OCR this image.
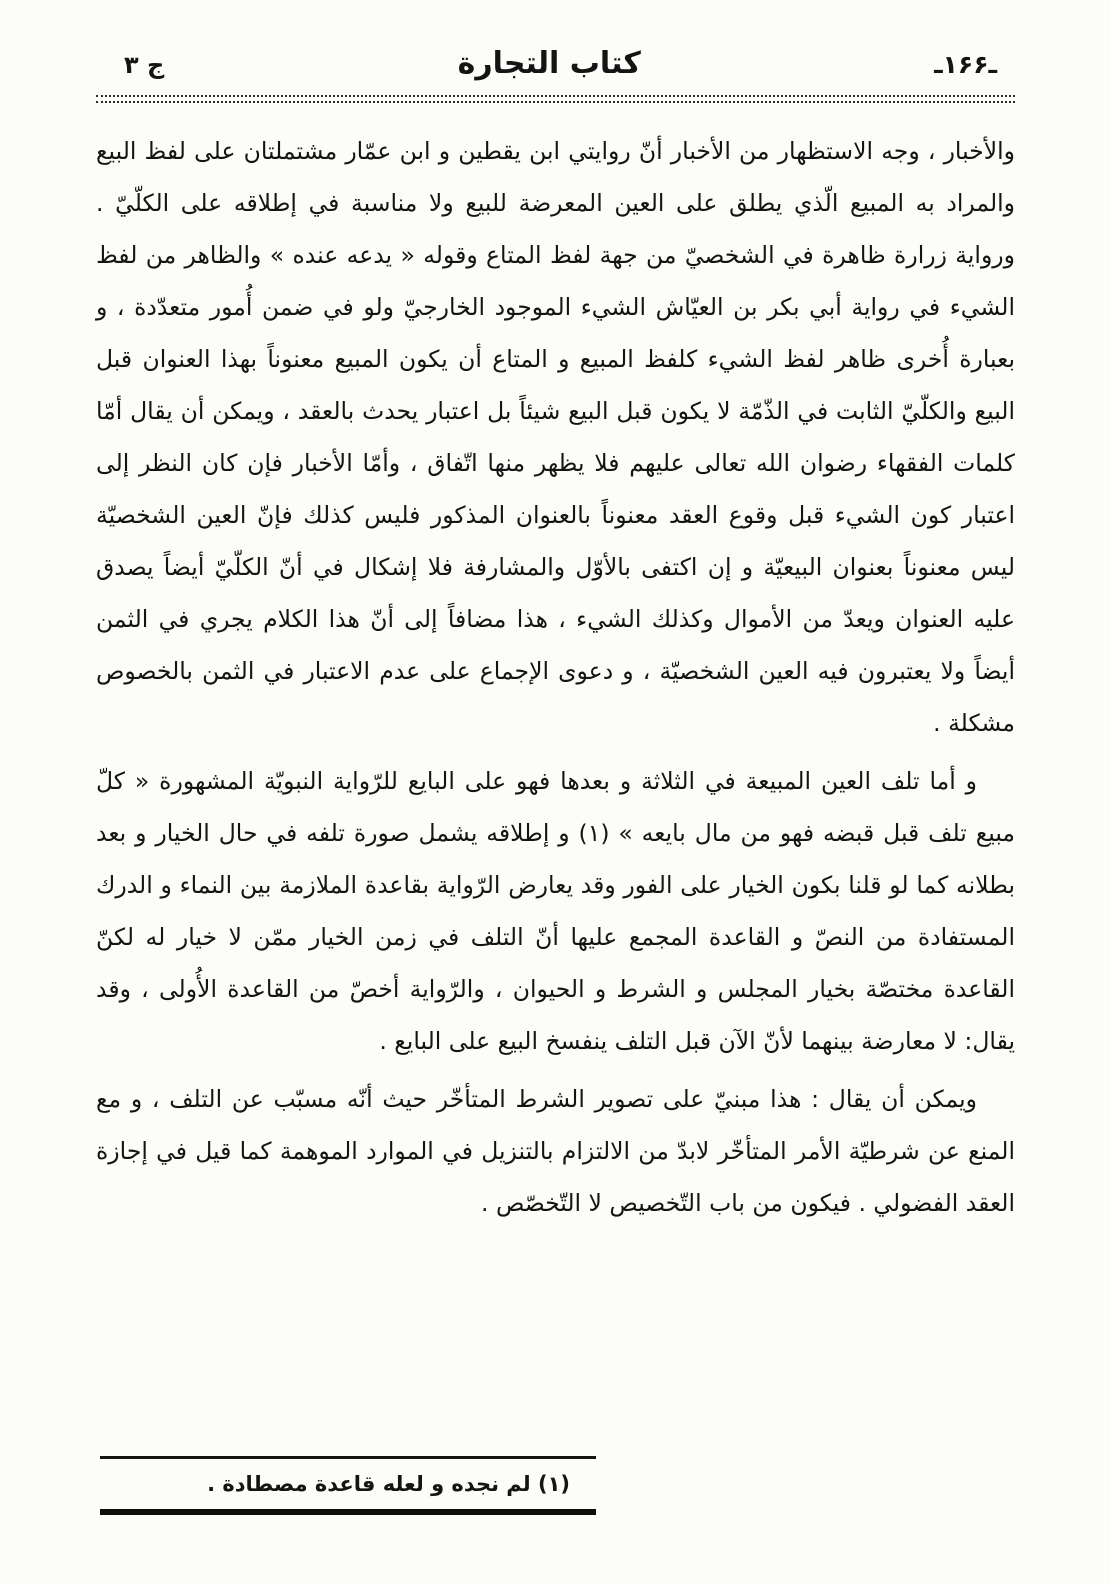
ـ١۶۶ـ
كتاب التجارة
ج ٣

والأخبار ، وجه الاستظهار من الأخبار أنّ روايتي ابن يقطين و ابن عمّار مشتملتان على لفظ البيع والمراد به المبيع الّذي يطلق على العين المعرضة للبيع ولا مناسبة في إطلاقه على الكلّيّ . ورواية زرارة ظاهرة في الشخصيّ من جهة لفظ المتاع وقوله « يدعه عنده » والظاهر من لفظ الشيء في رواية أبي بكر بن العيّاش الشيء الموجود الخارجيّ ولو في ضمن أُمور متعدّدة ، و بعبارة أُخرى ظاهر لفظ الشيء كلفظ المبيع و المتاع أن يكون المبيع معنوناً بهذا العنوان قبل البيع والكلّيّ الثابت في الذّمّة لا يكون قبل البيع شيئاً بل اعتبار يحدث بالعقد ، ويمكن أن يقال أمّا كلمات الفقهاء رضوان الله تعالى عليهم فلا يظهر منها اتّفاق ، وأمّا الأخبار فإن كان النظر إلى اعتبار كون الشيء قبل وقوع العقد معنوناً بالعنوان المذكور فليس كذلك فإنّ العين الشخصيّة ليس معنوناً بعنوان البيعيّة و إن اكتفى بالأوّل والمشارفة فلا إشكال في أنّ الكلّيّ أيضاً يصدق عليه العنوان ويعدّ من الأموال وكذلك الشيء ، هذا مضافاً إلى أنّ هذا الكلام يجري في الثمن أيضاً ولا يعتبرون فيه العين الشخصيّة ، و دعوى الإجماع على عدم الاعتبار في الثمن بالخصوص مشكلة .

و أما تلف العين المبيعة في الثلاثة و بعدها فهو على البايع للرّواية النبويّة المشهورة « كلّ مبيع تلف قبل قبضه فهو من مال بايعه » (١) و إطلاقه يشمل صورة تلفه في حال الخيار و بعد بطلانه كما لو قلنا بكون الخيار على الفور وقد يعارض الرّواية بقاعدة الملازمة بين النماء و الدرك المستفادة من النصّ و القاعدة المجمع عليها أنّ التلف في زمن الخيار ممّن لا خيار له لكنّ القاعدة مختصّة بخيار المجلس و الشرط و الحيوان ، والرّواية أخصّ من القاعدة الأُولى ، وقد يقال: لا معارضة بينهما لأنّ الآن قبل التلف ينفسخ البيع على البايع .

ويمكن أن يقال : هذا مبنيّ على تصوير الشرط المتأخّر حيث أنّه مسبّب عن التلف ، و مع المنع عن شرطيّة الأمر المتأخّر لابدّ من الالتزام بالتنزيل في الموارد الموهمة كما قيل في إجازة العقد الفضولي . فيكون من باب التّخصيص لا التّخصّص .

(١) لم نجده و لعله قاعدة مصطادة .
